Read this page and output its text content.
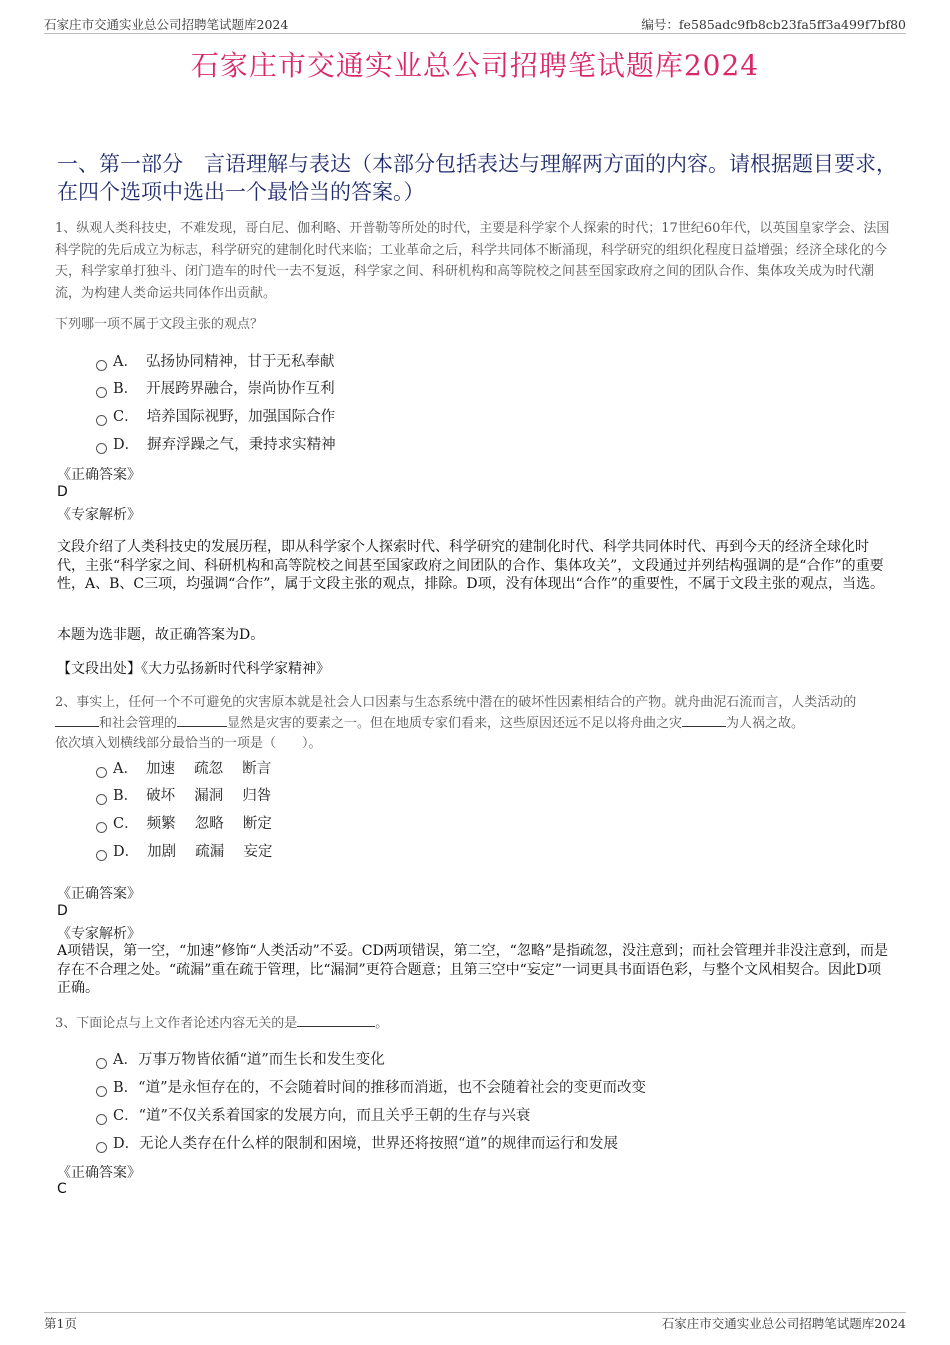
石家庄市交通实业总公司招聘笔试题库2024	编号：fe585adc9fb8cb23fa5ff3a499f7bf80
石家庄市交通实业总公司招聘笔试题库2024
一、第一部分　言语理解与表达（本部分包括表达与理解两方面的内容。请根据题目要求，在四个选项中选出一个最恰当的答案。）
1、纵观人类科技史，不难发现，哥白尼、伽利略、开普勒等所处的时代，主要是科学家个人探索的时代；17世纪60年代，以英国皇家学会、法国科学院的先后成立为标志，科学研究的建制化时代来临；工业革命之后，科学共同体不断涌现，科学研究的组织化程度日益增强；经济全球化的今天，科学家单打独斗、闭门造车的时代一去不复返，科学家之间、科研机构和高等院校之间甚至国家政府之间的团队合作、集体攻关成为时代潮流，为构建人类命运共同体作出贡献。
下列哪一项不属于文段主张的观点？
A． 弘扬协同精神，甘于无私奉献
B． 开展跨界融合，崇尚协作互利
C． 培养国际视野，加强国际合作
D． 摒弃浮躁之气，秉持求实精神
《正确答案》
D
《专家解析》
文段介绍了人类科技史的发展历程，即从科学家个人探索时代、科学研究的建制化时代、科学共同体时代、再到今天的经济全球化时代，主张“科学家之间、科研机构和高等院校之间甚至国家政府之间团队的合作、集体攻关”，文段通过并列结构强调的是“合作”的重要性，A、B、C三项，均强调“合作”，属于文段主张的观点，排除。D项，没有体现出“合作”的重要性，不属于文段主张的观点，当选。
本题为选非题，故正确答案为D。
【文段出处】《大力弘扬新时代科学家精神》
2、事实上，任何一个不可避免的灾害原本就是社会人口因素与生态系统中潜在的破坏性因素相结合的产物。就舟曲泥石流而言，人类活动的
和社会管理的	显然是灾害的要素之一。但在地质专家们看来，这些原因还远不足以将舟曲之灾	为人祸之故。
依次填入划横线部分最恰当的一项是（　　）。
A． 加速　 疏忽　 断言
B． 破坏　 漏洞　 归咎
C． 频繁　 忽略　 断定
D． 加剧　 疏漏　 妄定
《正确答案》
D
《专家解析》
A项错误，第一空，“加速”修饰“人类活动”不妥。CD两项错误，第二空，“忽略”是指疏忽，没注意到；而社会管理并非没注意到，而是存在不合理之处。“疏漏”重在疏于管理，比“漏洞”更符合题意；且第三空中“妄定”一词更具书面语色彩，与整个文风相契合。因此D项正确。
3、下面论点与上文作者论述内容无关的是	。
A．万事万物皆依循“道”而生长和发生变化
B．“道”是永恒存在的，不会随着时间的推移而消逝，也不会随着社会的变更而改变
C．“道”不仅关系着国家的发展方向，而且关乎王朝的生存与兴衰
D．无论人类存在什么样的限制和困境，世界还将按照“道”的规律而运行和发展
《正确答案》
C
第1页	石家庄市交通实业总公司招聘笔试题库2024
